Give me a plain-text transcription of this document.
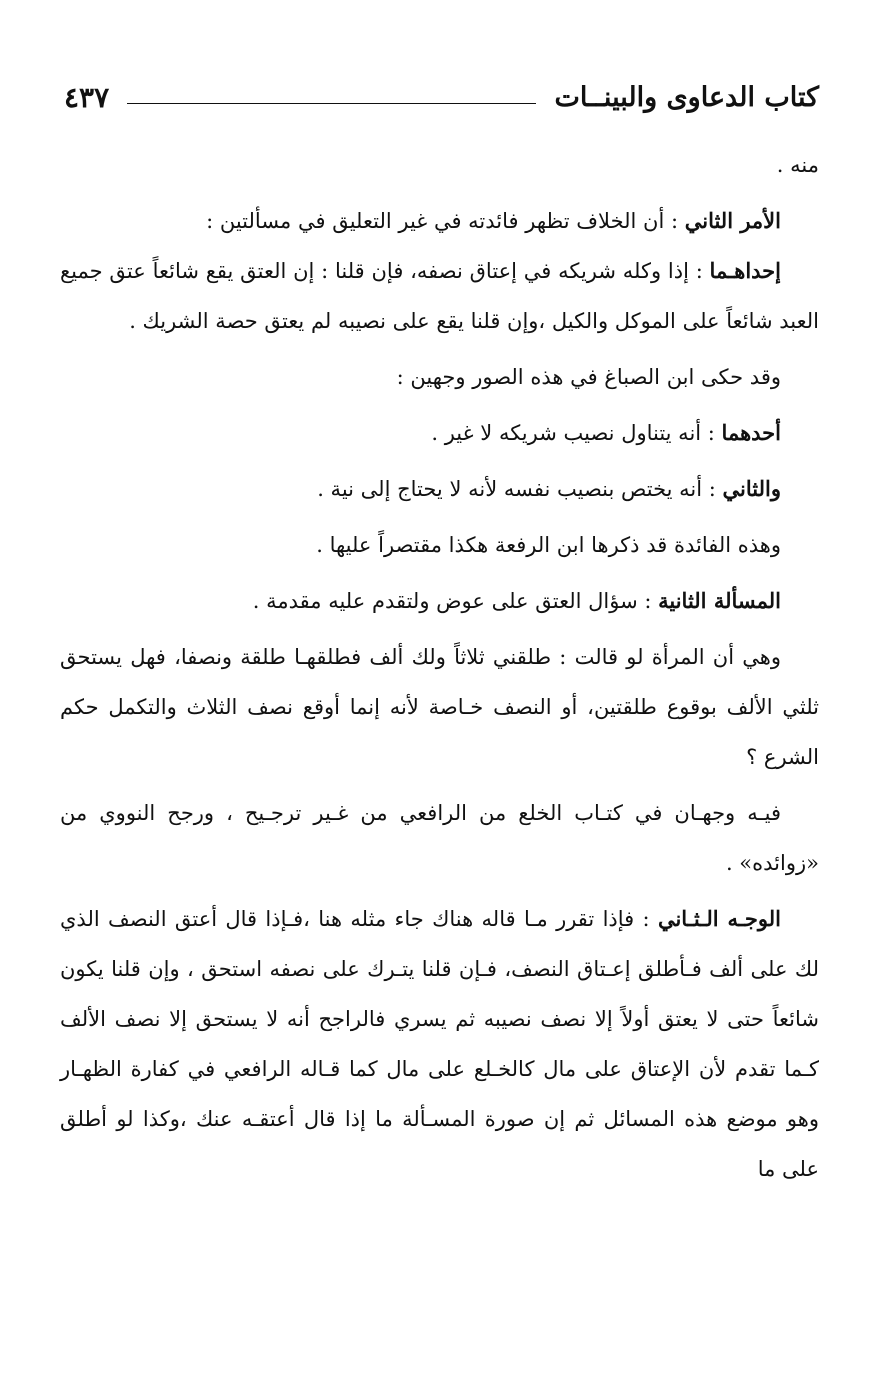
كتاب الدعاوى والبينــات
٤٣٧

منه .

الأمر الثاني : أن الخلاف تظهر فائدته في غير التعليق في مسألتين :

إحداهـما : إذا وكله شريكه في إعتاق نصفه، فإن قلنا : إن العتق يقع شائعاً عتق جميع العبد شائعاً على الموكل والكيل ،وإن قلنا يقع على نصيبه لم يعتق حصة الشريك .

وقد حكى ابن الصباغ في هذه الصور وجهين :

أحدهما : أنه يتناول نصيب شريكه لا غير .

والثاني : أنه يختص بنصيب نفسه لأنه لا يحتاج إلى نية .

وهذه الفائدة قد ذكرها ابن الرفعة هكذا مقتصراً عليها .

المسألة الثانية : سؤال العتق على عوض ولتقدم عليه مقدمة .

وهي أن المرأة لو قالت : طلقني ثلاثاً ولك ألف فطلقهـا طلقة ونصفا، فهل يستحق ثلثي الألف بوقوع طلقتين، أو النصف خـاصة لأنه إنما أوقع نصف الثلاث والتكمل حكم الشرع ؟

فيـه وجهـان في كتـاب الخلع من الرافعي من غـير ترجـيح ، ورجح النووي من «زوائده» .

الوجـه الـثـاني : فإذا تقرر مـا قاله هناك جاء مثله هنا ،فـإذا قال أعتق النصف الذي لك على ألف فـأطلق إعـتاق النصف، فـإن قلنا يتـرك على نصفه استحق ، وإن قلنا يكون شائعاً حتى لا يعتق أولاً إلا نصف نصيبه ثم يسري فالراجح أنه لا يستحق إلا نصف الألف كـما تقدم لأن الإعتاق على مال كالخـلع على مال كما قـاله الرافعي في كفارة الظهـار وهو موضع هذه المسائل ثم إن صورة المسـألة ما إذا قال أعتقـه عنك ،وكذا لو أطلق على ما
